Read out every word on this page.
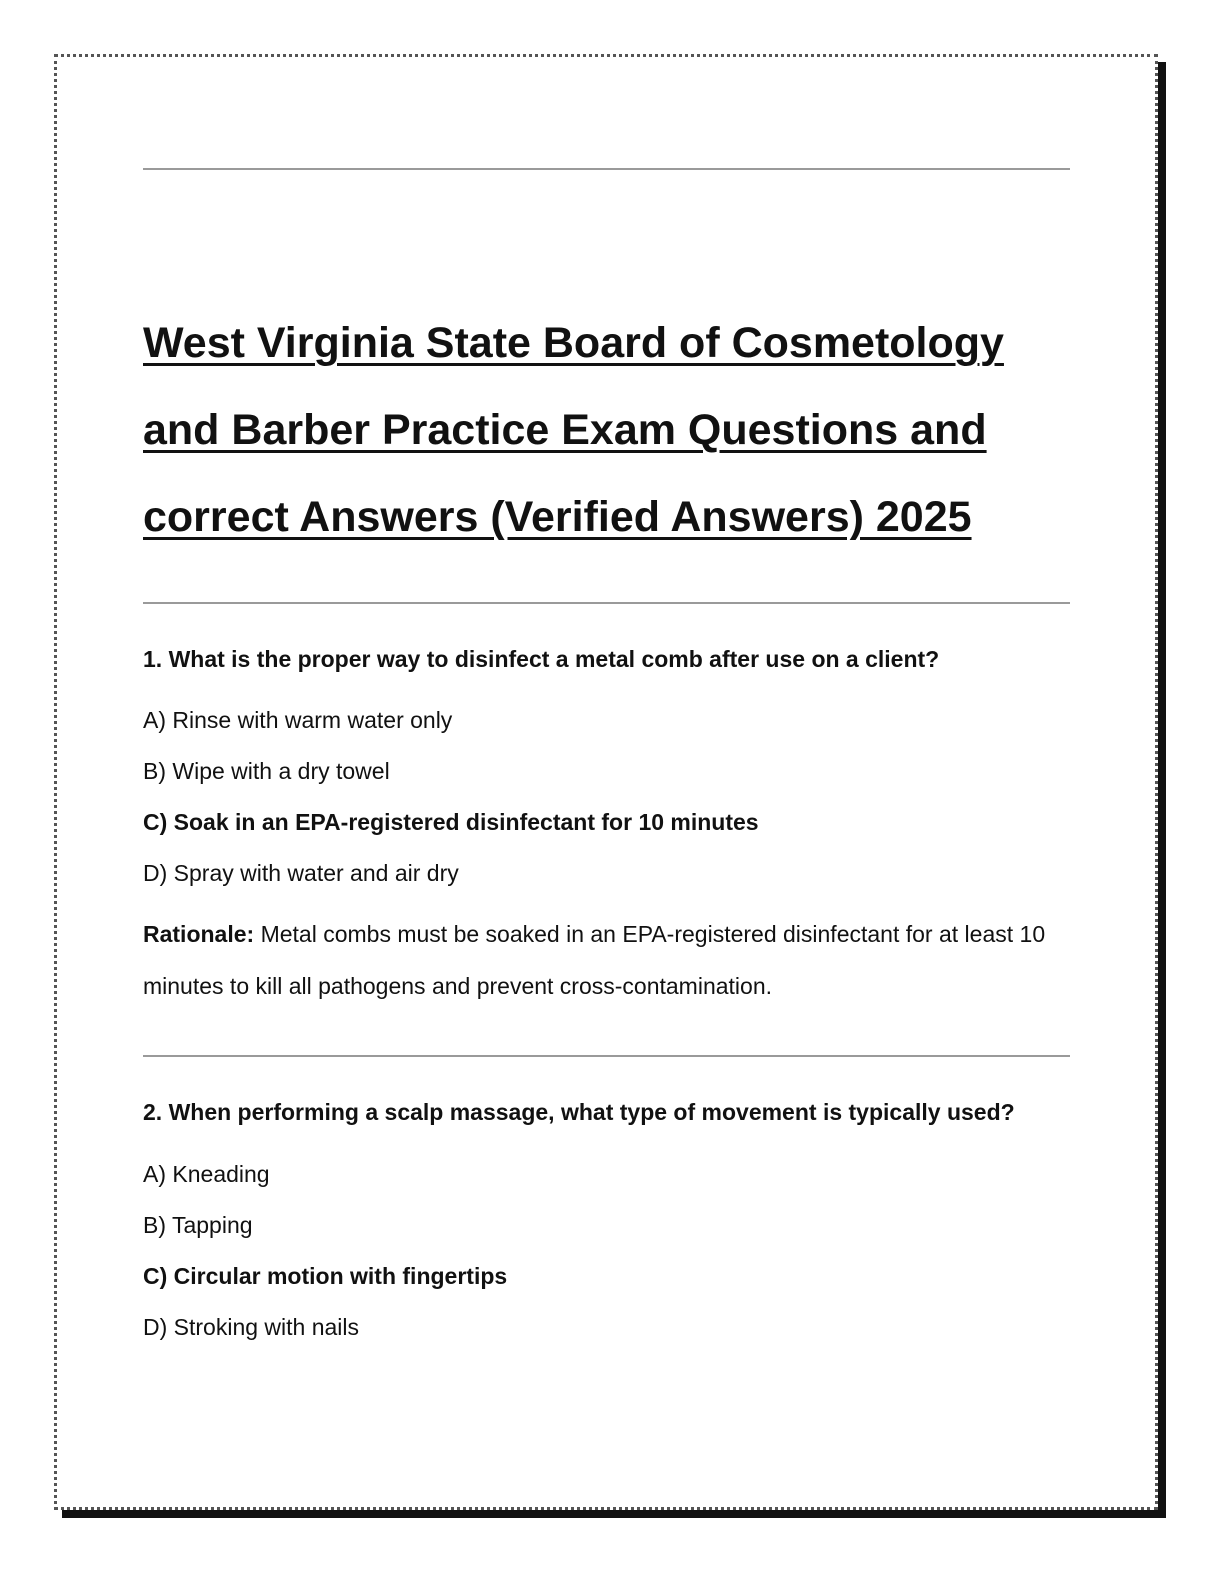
West Virginia State Board of Cosmetology and Barber Practice Exam Questions and correct Answers (Verified Answers) 2025

1. What is the proper way to disinfect a metal comb after use on a client?

A) Rinse with warm water only

B) Wipe with a dry towel

C) Soak in an EPA-registered disinfectant for 10 minutes

D) Spray with water and air dry

Rationale: Metal combs must be soaked in an EPA-registered disinfectant for at least 10 minutes to kill all pathogens and prevent cross-contamination.

2. When performing a scalp massage, what type of movement is typically used?

A) Kneading

B) Tapping

C) Circular motion with fingertips

D) Stroking with nails
